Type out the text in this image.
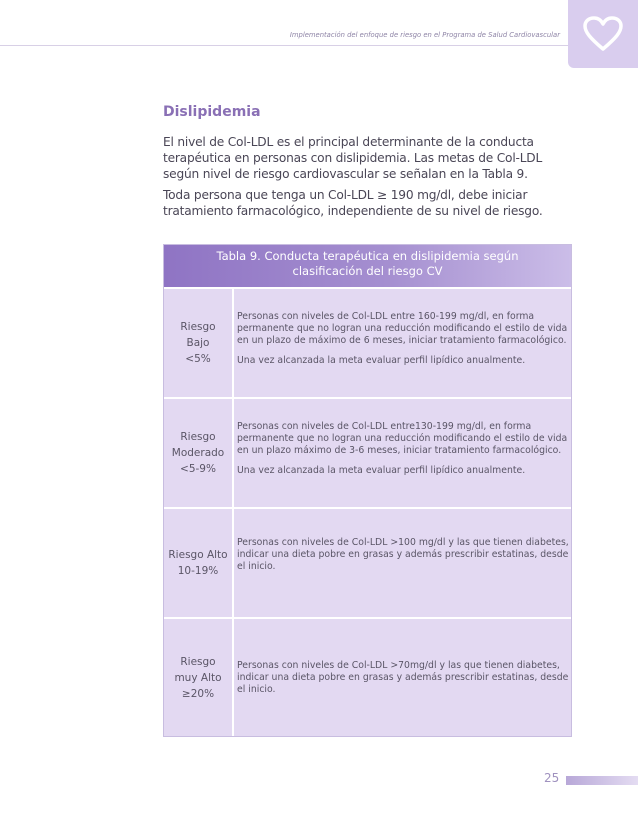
Implementación del enfoque de riesgo en el Programa de Salud Cardiovascular
Dislipidemia
El nivel de Col-LDL es el principal determinante de la conducta terapéutica en personas con dislipidemia. Las metas de Col-LDL según nivel de riesgo cardiovascular se señalan en la Tabla 9.
Toda persona que tenga un Col-LDL ≥ 190 mg/dl, debe iniciar tratamiento farmacológico, independiente de su nivel de riesgo.
Tabla 9. Conducta terapéutica en dislipidemia según
clasificación del riesgo CV
Riesgo
Bajo
<5%
Personas con niveles de Col-LDL entre 160-199 mg/dl, en forma permanente que no logran una reducción modificando el estilo de vida en un plazo de máximo de 6 meses, iniciar tratamiento farmacológico.
Una vez alcanzada la meta evaluar perfil lipídico anualmente.
Riesgo
Moderado
<5-9%
Personas con niveles de Col-LDL entre130-199 mg/dl, en forma permanente que no logran una reducción modificando el estilo de vida en un plazo máximo de 3-6 meses, iniciar tratamiento farmacológico.
Una vez alcanzada la meta evaluar perfil lipídico anualmente.
Riesgo Alto
10-19%
Personas con niveles de Col-LDL >100 mg/dl y las que tienen diabetes, indicar una dieta pobre en grasas y además prescribir estatinas, desde el inicio.
Riesgo
muy Alto
≥20%
Personas con niveles de Col-LDL >70mg/dl y las que tienen diabetes, indicar una dieta pobre en grasas y además prescribir estatinas, desde el inicio.
25
